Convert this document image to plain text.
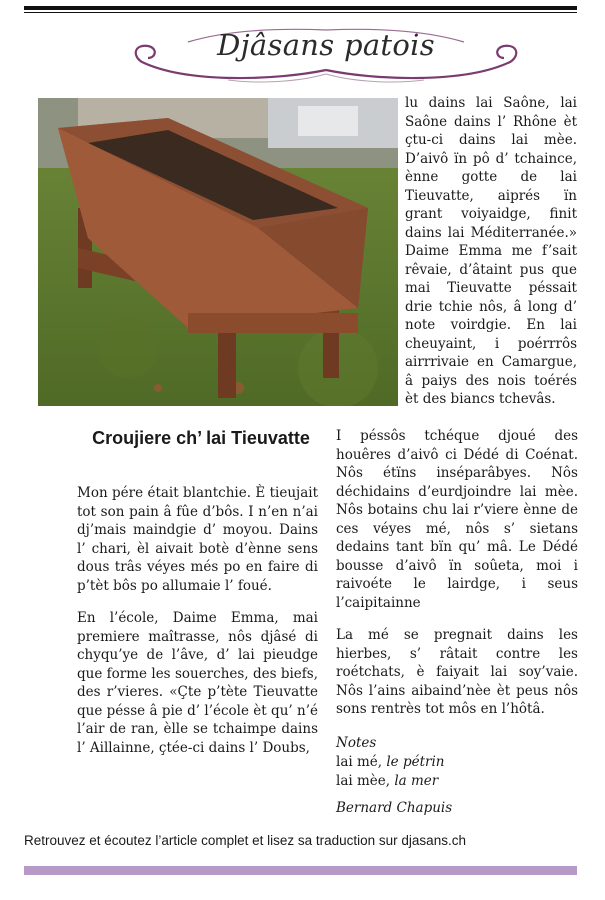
Djâsans patois
lu dains lai Saône, lai Saône dains l’ Rhône èt çtu-ci dains lai mèe. D’aivô ïn pô d’ tchaince, ènne gotte de lai Tieuvatte, aiprés ïn grant voiyaidge, finit dains lai Méditerranée.» Daime Emma me f’sait rêvaie, d’âtaint pus que mai Tieuvatte péssait drie tchie nôs, â long d’ note voirdgie. En lai cheuyaint, i poérrrôs airrrivaie en Camargue, â paiys des nois toérés èt des biancs tchevâs.
Croujiere ch’ lai Tieuvatte

Mon pére était blantchie. È tieujait tot son pain â fûe d’bôs. I n’en n’ai dj’mais maindgie d’ moyou. Dains l’ chari, èl aivait botè d’ènne sens dous trâs véyes més po en faire di p’tèt bôs po allumaie l’ foué.

En l’école, Daime Emma, mai premiere maîtrasse, nôs djâsé di chyqu’ye de l’âve, d’ lai pieudge que forme les souerches, des biefs, des r’vieres. «Çte p’tète Tieuvatte que pésse â pie d’ l’école èt qu’ n’é l’air de ran, èlle se tchaimpe dains l’ Aillainne, çtée-ci dains l’ Doubs,

I péssôs tchéque djoué des houêres d’aivô ci Dédé di Coénat. Nôs étïns inséparâbyes. Nôs déchidains d’eurdjoindre lai mèe. Nôs botains chu lai r’viere ènne de ces véyes mé, nôs s’ sietans dedains tant bïn qu’ mâ. Le Dédé bousse d’aivô ïn soûeta, moi i raivoéte le lairdge, i seus l’caipitainne

La mé se pregnait dains les hierbes, s’ râtait contre les roétchats, è faiyait lai soy’vaie. Nôs l’ains aibaind’nèe èt peus nôs sons rentrès tot môs en l’hôtâ.

Notes
lai mé, le pétrin
lai mèe, la mer
Bernard Chapuis
Retrouvez et écoutez l’article complet et lisez sa traduction sur djasans.ch
